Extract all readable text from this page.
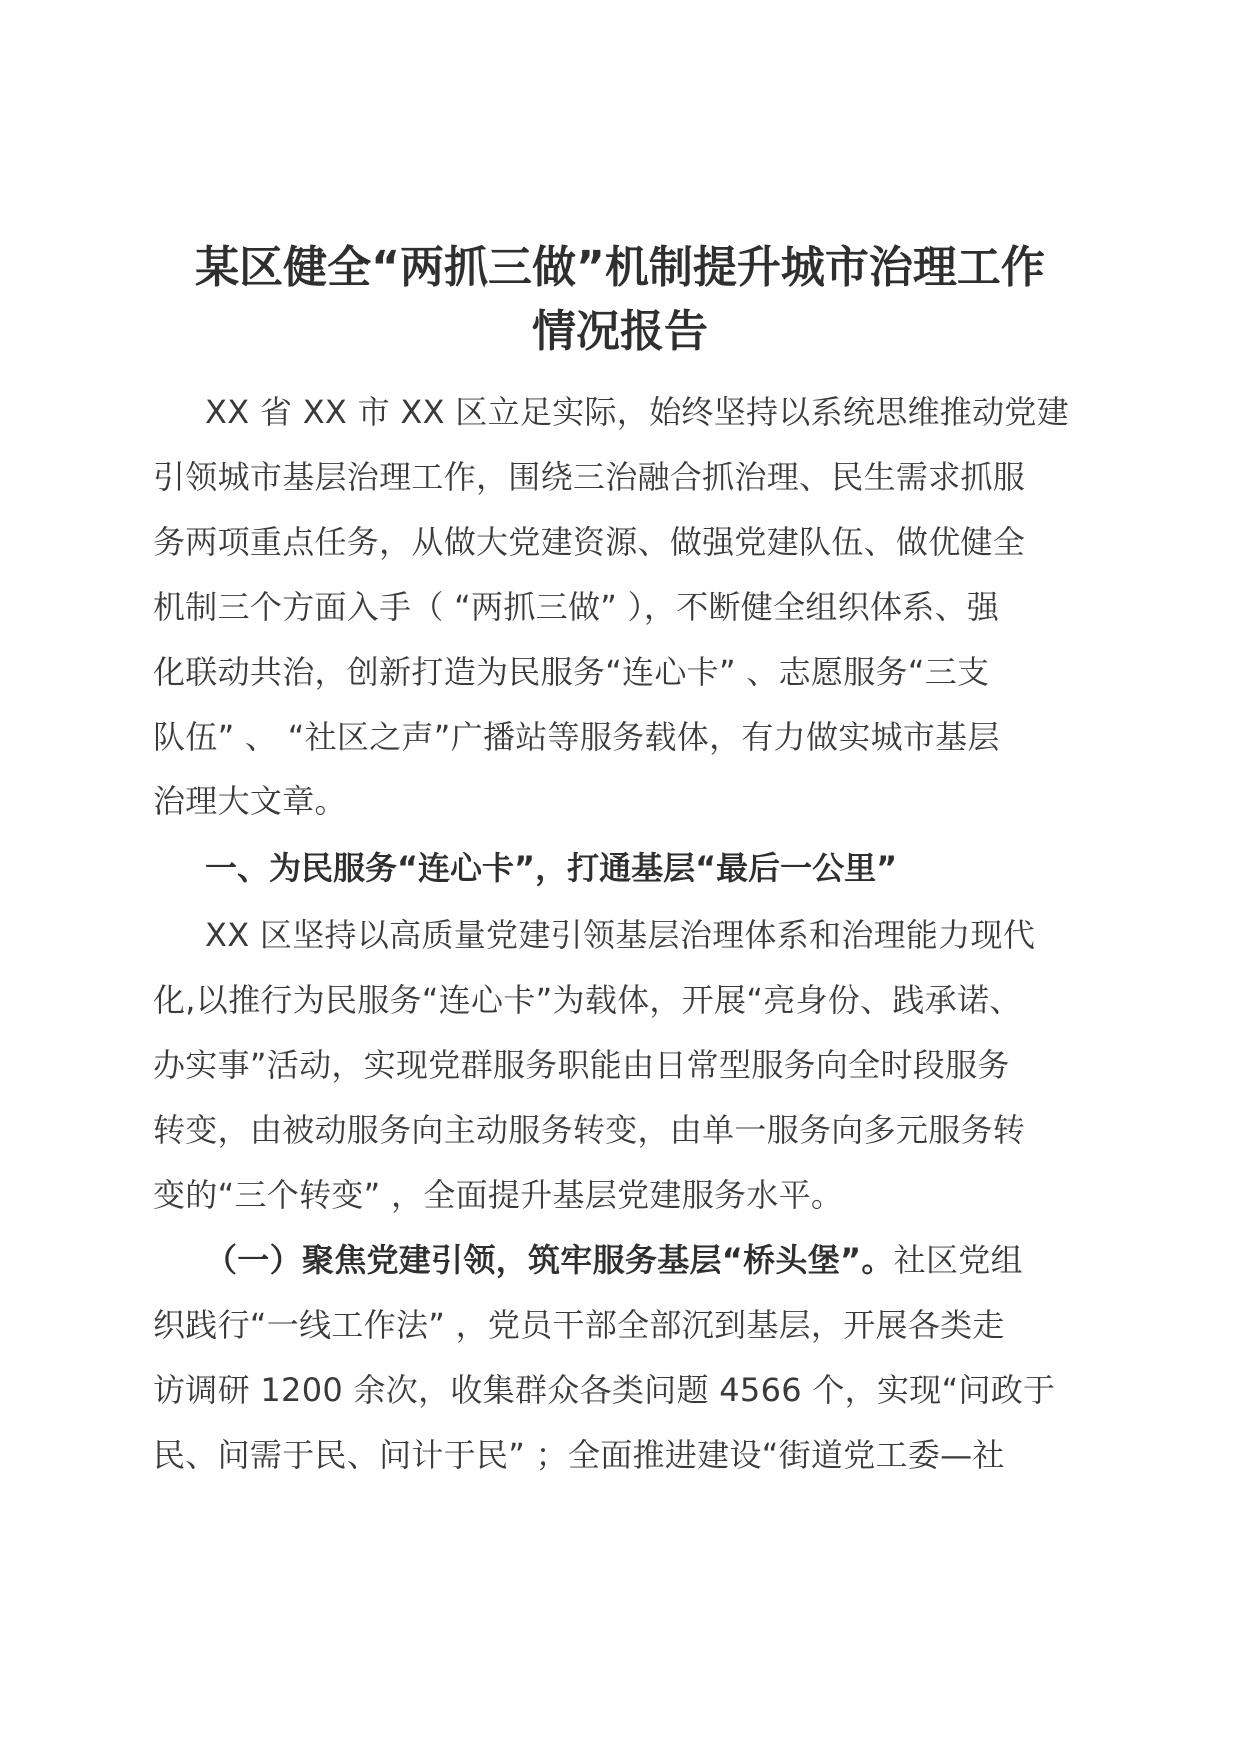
某区健全“两抓三做”机制提升城市治理工作
情况报告
XX 省 XX 市 XX 区立足实际，始终坚持以系统思维推动党建
引领城市基层治理工作，围绕三治融合抓治理、民生需求抓服
务两项重点任务，从做大党建资源、做强党建队伍、做优健全
机制三个方面入手（ “两抓三做” ），不断健全组织体系、强
化联动共治，创新打造为民服务“连心卡” 、志愿服务“三支
队伍” 、 “社区之声”广播站等服务载体，有力做实城市基层
治理大文章。
一、为民服务“连心卡”，打通基层“最后一公里”
XX 区坚持以高质量党建引领基层治理体系和治理能力现代
化,以推行为民服务“连心卡”为载体，开展“亮身份、践承诺、
办实事”活动，实现党群服务职能由日常型服务向全时段服务
转变，由被动服务向主动服务转变，由单一服务向多元服务转
变的“三个转变” ，全面提升基层党建服务水平。
（一）聚焦党建引领，筑牢服务基层“桥头堡”。社区党组
织践行“一线工作法” ，党员干部全部沉到基层，开展各类走
访调研 1200 余次，收集群众各类问题 4566 个，实现“问政于
民、问需于民、问计于民” ；全面推进建设“街道党工委—社
